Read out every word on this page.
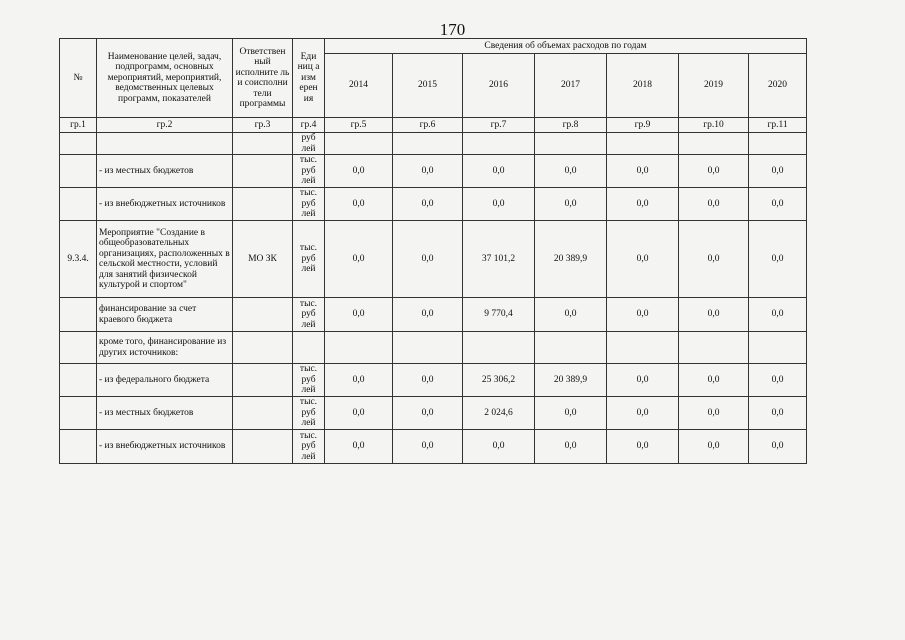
170
№	Наименование целей, задач, подпрограмм, основных мероприятий, мероприятий, ведомственных целевых программ, показателей	Ответствен ный исполните ль и соисполни тели программы	Еди ниц а изм ерен ия	Сведения об объемах расходов по годам						
				2014	2015	2016	2017	2018	2019	2020
гр.1	гр.2	гр.3	гр.4	гр.5	гр.6	гр.7	гр.8	гр.9	гр.10	гр.11
			руб лей							
	- из местных бюджетов		тыс. руб лей	0,0	0,0	0,0	0,0	0,0	0,0	0,0
	- из внебюджетных источников		тыс. руб лей	0,0	0,0	0,0	0,0	0,0	0,0	0,0
9.3.4.	Мероприятие "Создание в общеобразовательных организациях, расположенных в сельской местности, условий для занятий физической культурой и спортом"	МО ЗК	тыс. руб лей	0,0	0,0	37 101,2	20 389,9	0,0	0,0	0,0
	финансирование за счет краевого бюджета		тыс. руб лей	0,0	0,0	9 770,4	0,0	0,0	0,0	0,0
	кроме того, финансирование из других источников:									
	- из федерального бюджета		тыс. руб лей	0,0	0,0	25 306,2	20 389,9	0,0	0,0	0,0
	- из местных бюджетов		тыс. руб лей	0,0	0,0	2 024,6	0,0	0,0	0,0	0,0
	- из внебюджетных источников		тыс. руб лей	0,0	0,0	0,0	0,0	0,0	0,0	0,0
